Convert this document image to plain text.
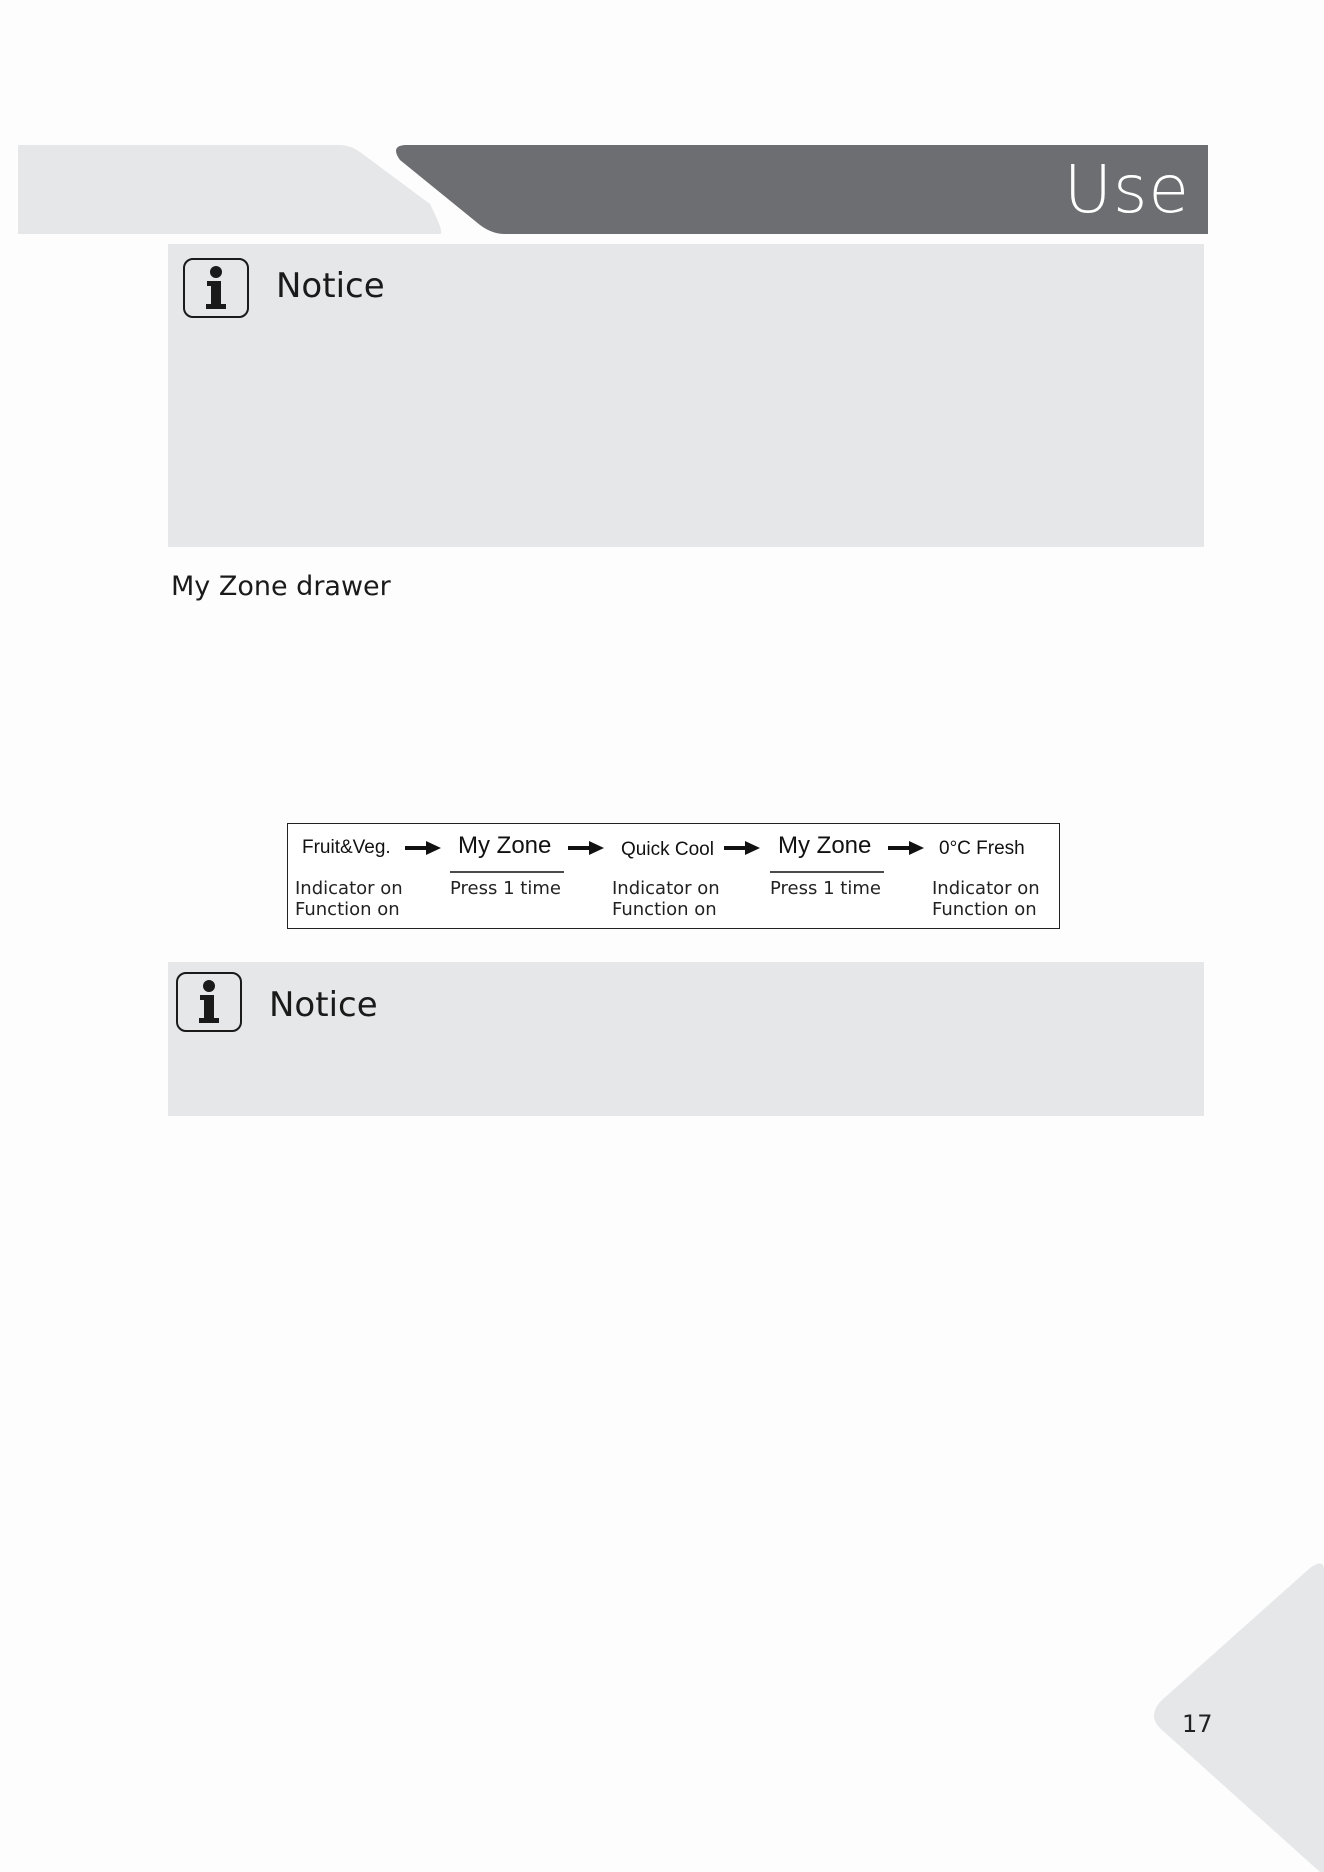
Use
Notice
My Zone drawer
Fruit&Veg.	My Zone	Quick Cool	My Zone	0°C Fresh
Indicator on
Function on
Press 1 time	Indicator on
Function on
Press 1 time	Indicator on
Function on
Notice
17
